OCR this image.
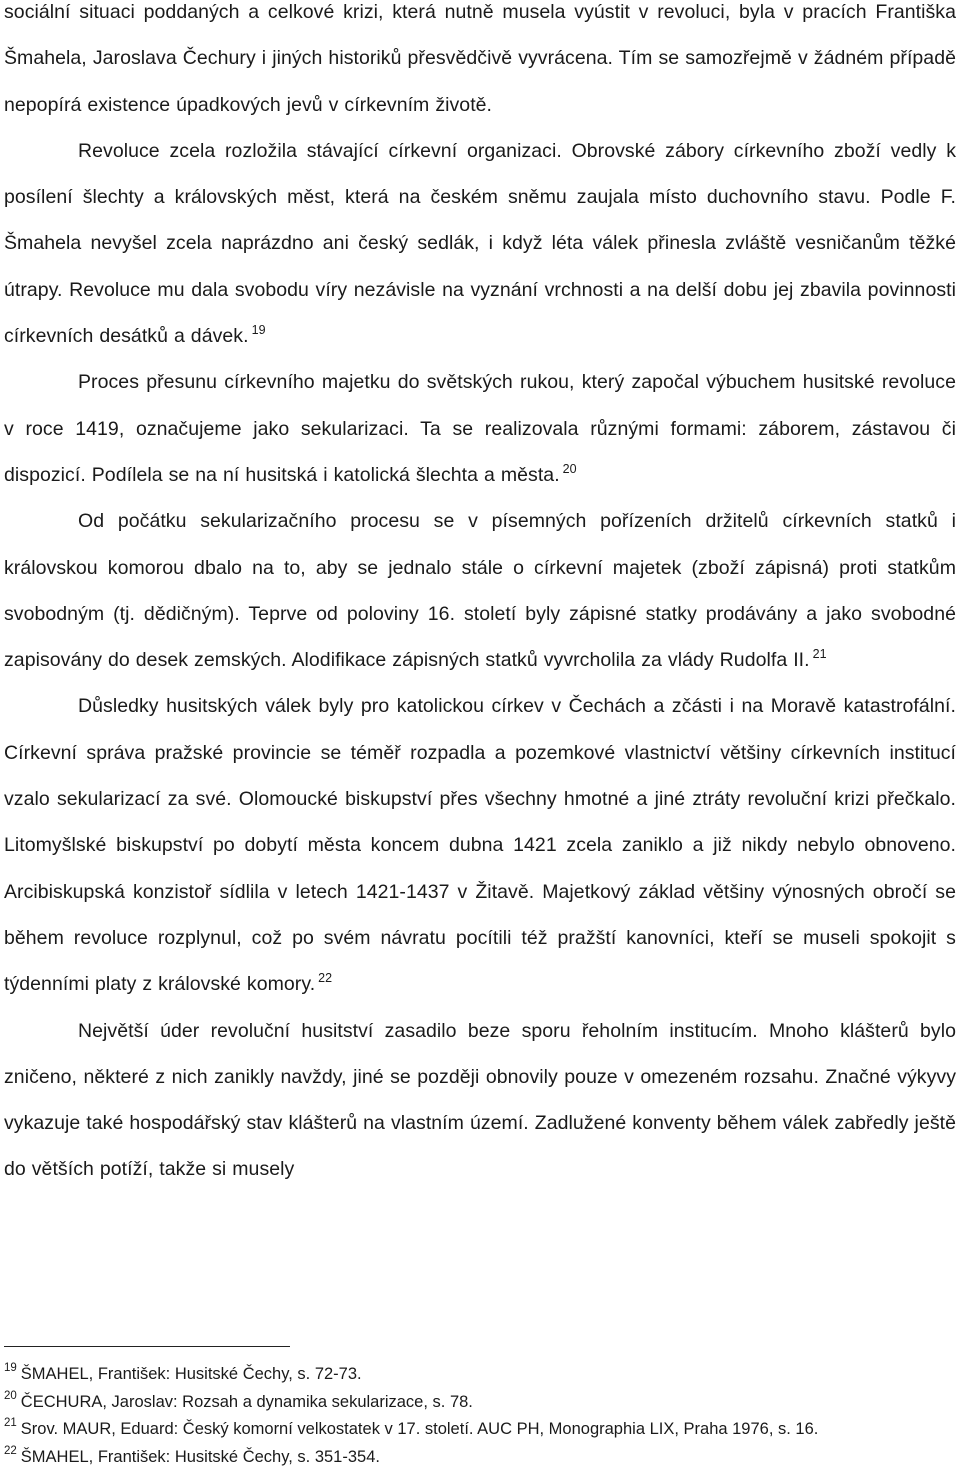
sociální situaci poddaných a celkové krizi, která nutně musela vyústit v revoluci, byla v pracích Františka Šmahela, Jaroslava Čechury i jiných historiků přesvědčivě vyvrácena. Tím se samozřejmě v žádném případě nepopírá existence úpadkových jevů v církevním životě.

Revoluce zcela rozložila stávající církevní organizaci. Obrovské zábory církevního zboží vedly k posílení šlechty a královských měst, která na českém sněmu zaujala místo duchovního stavu. Podle F. Šmahela nevyšel zcela naprázdno ani český sedlák, i když léta válek přinesla zvláště vesničanům těžké útrapy. Revoluce mu dala svobodu víry nezávisle na vyznání vrchnosti a na delší dobu jej zbavila povinnosti církevních desátků a dávek. $^{19}$

Proces přesunu církevního majetku do světských rukou, který započal výbuchem husitské revoluce v roce 1419, označujeme jako sekularizaci. Ta se realizovala různými formami: záborem, zástavou či dispozicí. Podílela se na ní husitská i katolická šlechta a města. $^{20}$

Od počátku sekularizačního procesu se v písemných pořízeních držitelů církevních statků i královskou komorou dbalo na to, aby se jednalo stále o církevní majetek (zboží zápisná) proti statkům svobodným (tj. dědičným). Teprve od poloviny 16. století byly zápisné statky prodávány a jako svobodné zapisovány do desek zemských. Alodifikace zápisných statků vyvrcholila za vlády Rudolfa II. $^{21}$

Důsledky husitských válek byly pro katolickou církev v Čechách a zčásti i na Moravě katastrofální. Církevní správa pražské provincie se téměř rozpadla a pozemkové vlastnictví většiny církevních institucí vzalo sekularizací za své. Olomoucké biskupství přes všechny hmotné a jiné ztráty revoluční krizi přečkalo. Litomyšlské biskupství po dobytí města koncem dubna 1421 zcela zaniklo a již nikdy nebylo obnoveno. Arcibiskupská konzistoř sídlila v letech 1421-1437 v Žitavě. Majetkový základ většiny výnosných obročí se během revoluce rozplynul, což po svém návratu pocítili též pražští kanovníci, kteří se museli spokojit s týdenními platy z královské komory. $^{22}$

Největší úder revoluční husitství zasadilo beze sporu řeholním institucím. Mnoho klášterů bylo zničeno, některé z nich zanikly navždy, jiné se později obnovily pouze v omezeném rozsahu. Značné výkyvy vykazuje také hospodářský stav klášterů na vlastním území. Zadlužené konventy během válek zabředly ještě do větších potíží, takže si musely

$^{19}$ ŠMAHEL, František: Husitské Čechy, s. 72-73.

$^{20}$ ČECHURA, Jaroslav: Rozsah a dynamika sekularizace, s. 78.

$^{21}$ Srov. MAUR, Eduard: Český komorní velkostatek v 17. století. AUC PH, Monographia LIX, Praha 1976, s. 16.

$^{22}$ ŠMAHEL, František: Husitské Čechy, s. 351-354.
